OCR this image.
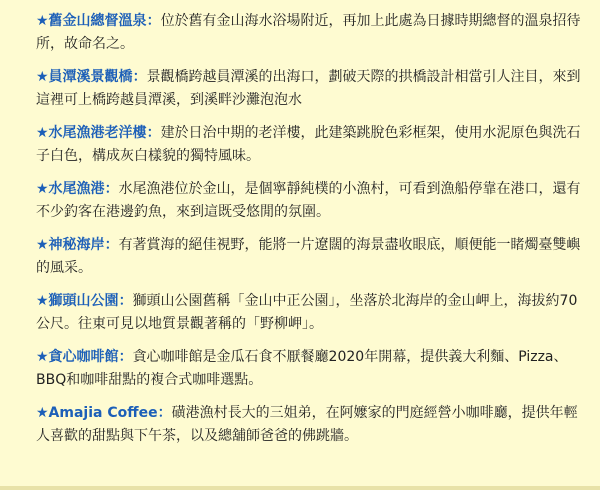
★舊金山總督溫泉：位於舊有金山海水浴場附近，再加上此處為日據時期總督的溫泉招待所，故命名之。

★員潭溪景觀橋：景觀橋跨越員潭溪的出海口，劃破天際的拱橋設計相當引人注目，來到這裡可上橋跨越員潭溪，到溪畔沙灘泡泡水

★水尾漁港老洋樓：建於日治中期的老洋樓，此建築跳脫色彩框架，使用水泥原色與洗石子白色，構成灰白樣貌的獨特風味。

★水尾漁港：水尾漁港位於金山，是個寧靜純樸的小漁村，可看到漁船停靠在港口，還有不少釣客在港邊釣魚，來到這既受悠閒的氛圍。

★神秘海岸：有著賞海的絕佳視野，能將一片遼闊的海景盡收眼底，順便能一睹燭臺雙嶼的風采。

★獅頭山公園：獅頭山公園舊稱「金山中正公園」，坐落於北海岸的金山岬上，海拔約70公尺。往東可見以地質景觀著稱的「野柳岬」。

★貪心咖啡館：貪心咖啡館是金瓜石食不厭餐廳2020年開幕，提供義大利麵、Pizza、BBQ和咖啡甜點的複合式咖啡選點。

★Amajia Coffee：磺港漁村長大的三姐弟，在阿嬤家的門庭經營小咖啡廳，提供年輕人喜歡的甜點與下午茶，以及總舖師爸爸的佛跳牆。
